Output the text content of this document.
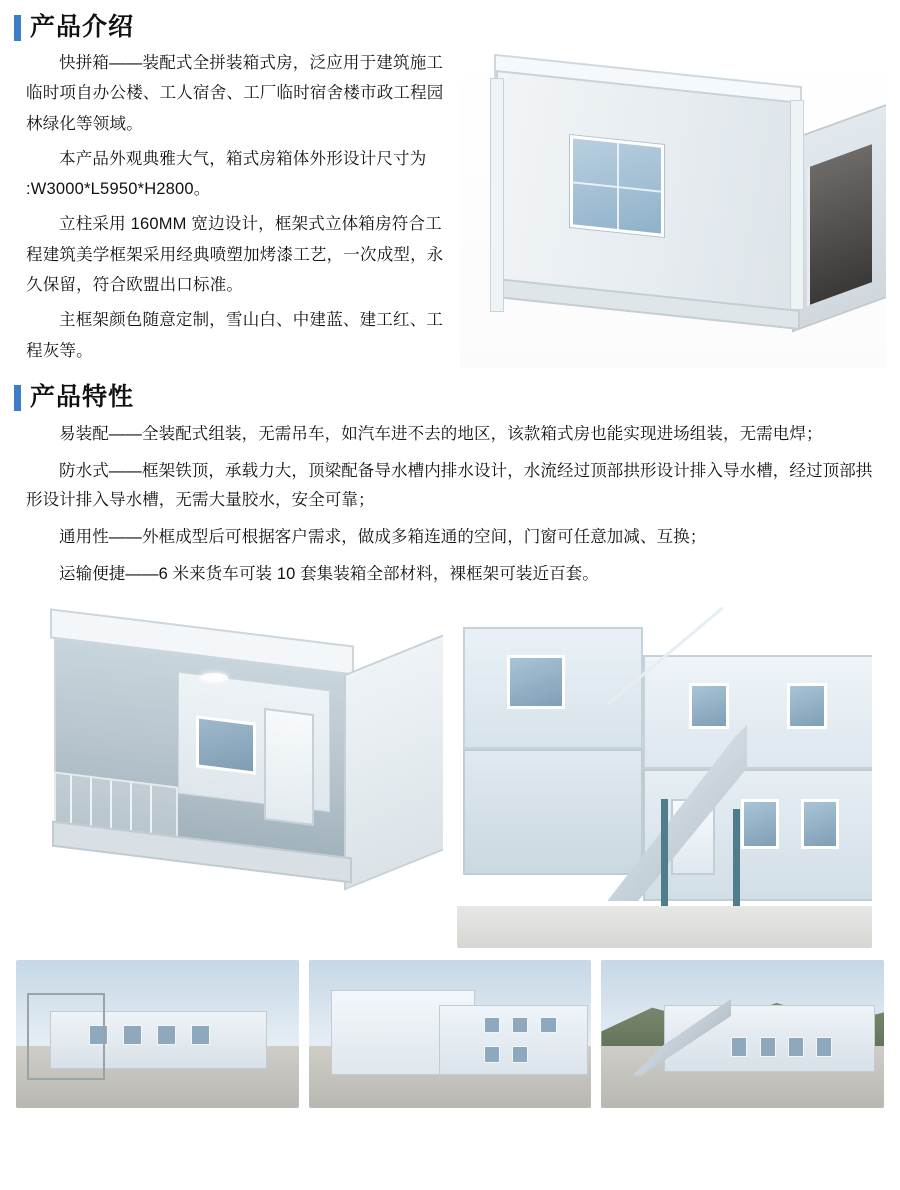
产品介绍

快拼箱——装配式全拼装箱式房，泛应用于建筑施工临时项自办公楼、工人宿舍、工厂临时宿舍楼市政工程园林绿化等领域。

本产品外观典雅大气，箱式房箱体外形设计尺寸为 :W3000*L5950*H2800。

立柱采用 160MM 宽边设计，框架式立体箱房符合工程建筑美学框架采用经典喷塑加烤漆工艺，一次成型，永久保留，符合欧盟出口标准。

主框架颜色随意定制，雪山白、中建蓝、建工红、工程灰等。

产品特性

易装配——全装配式组装，无需吊车，如汽车进不去的地区，该款箱式房也能实现进场组装，无需电焊；

防水式——框架铁顶，承载力大，顶梁配备导水槽内排水设计，水流经过顶部拱形设计排入导水槽，经过顶部拱形设计排入导水槽，无需大量胶水，安全可靠；

通用性——外框成型后可根据客户需求，做成多箱连通的空间，门窗可任意加减、互换；

运输便捷——6 米来货车可装 10 套集装箱全部材料，裸框架可装近百套。
